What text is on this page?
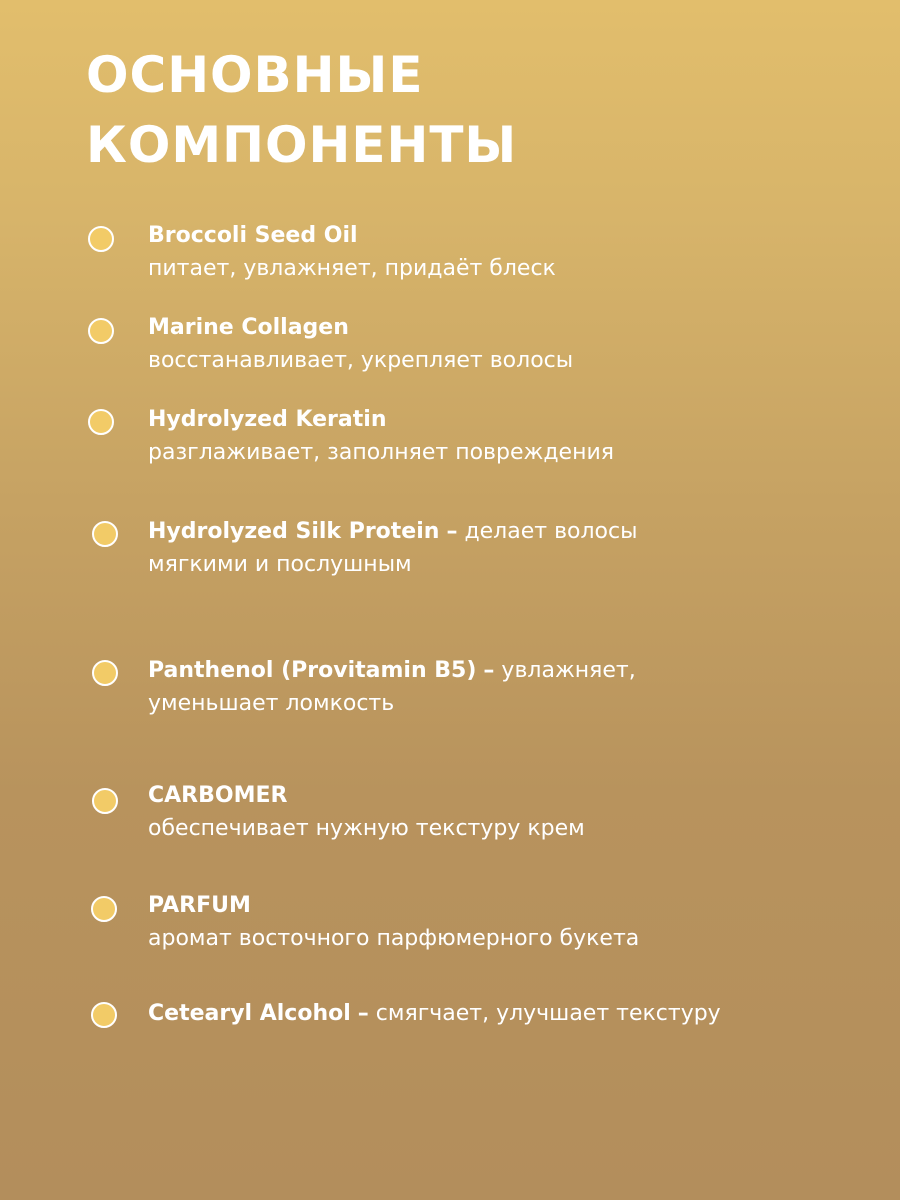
ОСНОВНЫЕ
КОМПОНЕНТЫ
Broccoli Seed Oil
питает, увлажняет, придаёт блеск
Marine Collagen
восстанавливает, укрепляет волосы
Hydrolyzed Keratin
разглаживает, заполняет повреждения
Hydrolyzed Silk Protein – делает волосы
мягкими и послушным
Panthenol (Provitamin B5) – увлажняет,
уменьшает ломкость
CARBOMER
обеспечивает нужную текстуру крем
PARFUM
аромат восточного парфюмерного букета
Cetearyl Alcohol – смягчает, улучшает текстуру
